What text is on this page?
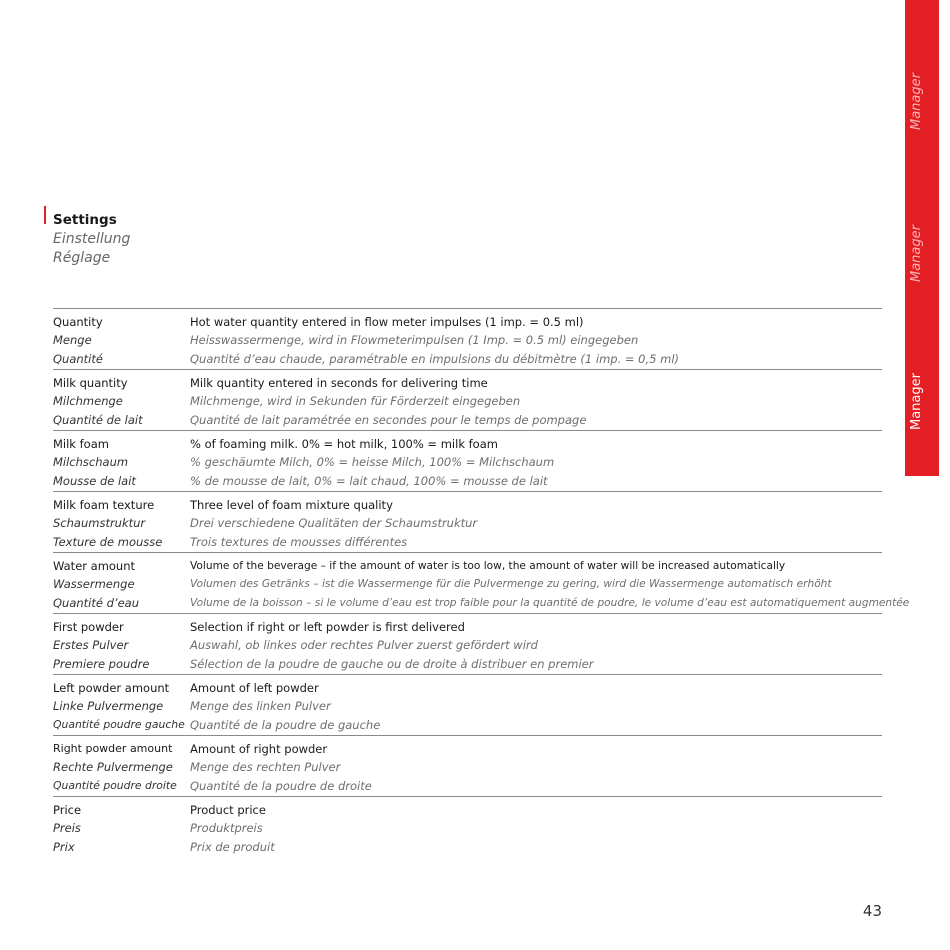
Manager
Manager
Manager
Settings
Einstellung
Réglage
Quantity
Menge
Quantité
Hot water quantity entered in flow meter impulses (1 imp. = 0.5 ml)
Heisswassermenge, wird in Flowmeterimpulsen (1 Imp. = 0.5 ml) eingegeben
Quantité d’eau chaude, paramétrable en impulsions du débitmètre (1 imp. = 0,5 ml)
Milk quantity
Milchmenge
Quantité de lait
Milk quantity entered in seconds for delivering time
Milchmenge, wird in Sekunden für Förderzeit eingegeben
Quantité de lait paramétrée en secondes pour le temps de pompage
Milk foam
Milchschaum
Mousse de lait
% of foaming milk. 0% = hot milk, 100% = milk foam
% geschäumte Milch, 0% = heisse Milch, 100% = Milchschaum
% de mousse de lait, 0% = lait chaud, 100% = mousse de lait
Milk foam texture
Schaumstruktur
Texture de mousse
Three level of foam mixture quality
Drei verschiedene Qualitäten der Schaumstruktur
Trois textures de mousses différentes
Water amount
Wassermenge
Quantité d’eau
Volume of the beverage – if the amount of water is too low, the amount of water will be increased automatically
Volumen des Getränks – ist die Wassermenge für die Pulvermenge zu gering, wird die Wassermenge automatisch erhöht
Volume de la boisson – si le volume d’eau est trop faible pour la quantité de poudre, le volume d’eau est automatiquement augmentée
First powder
Erstes Pulver
Premiere poudre
Selection if right or left powder is first delivered
Auswahl, ob linkes oder rechtes Pulver zuerst gefördert wird
Sélection de la poudre de gauche ou de droite à distribuer en premier
Left powder amount
Linke Pulvermenge
Quantité poudre gauche
Amount of left powder
Menge des linken Pulver
Quantité de la poudre de gauche
Right powder amount
Rechte Pulvermenge
Quantité poudre droite
Amount of right powder
Menge des rechten Pulver
Quantité de la poudre de droite
Price
Preis
Prix
Product price
Produktpreis
Prix de produit
43
